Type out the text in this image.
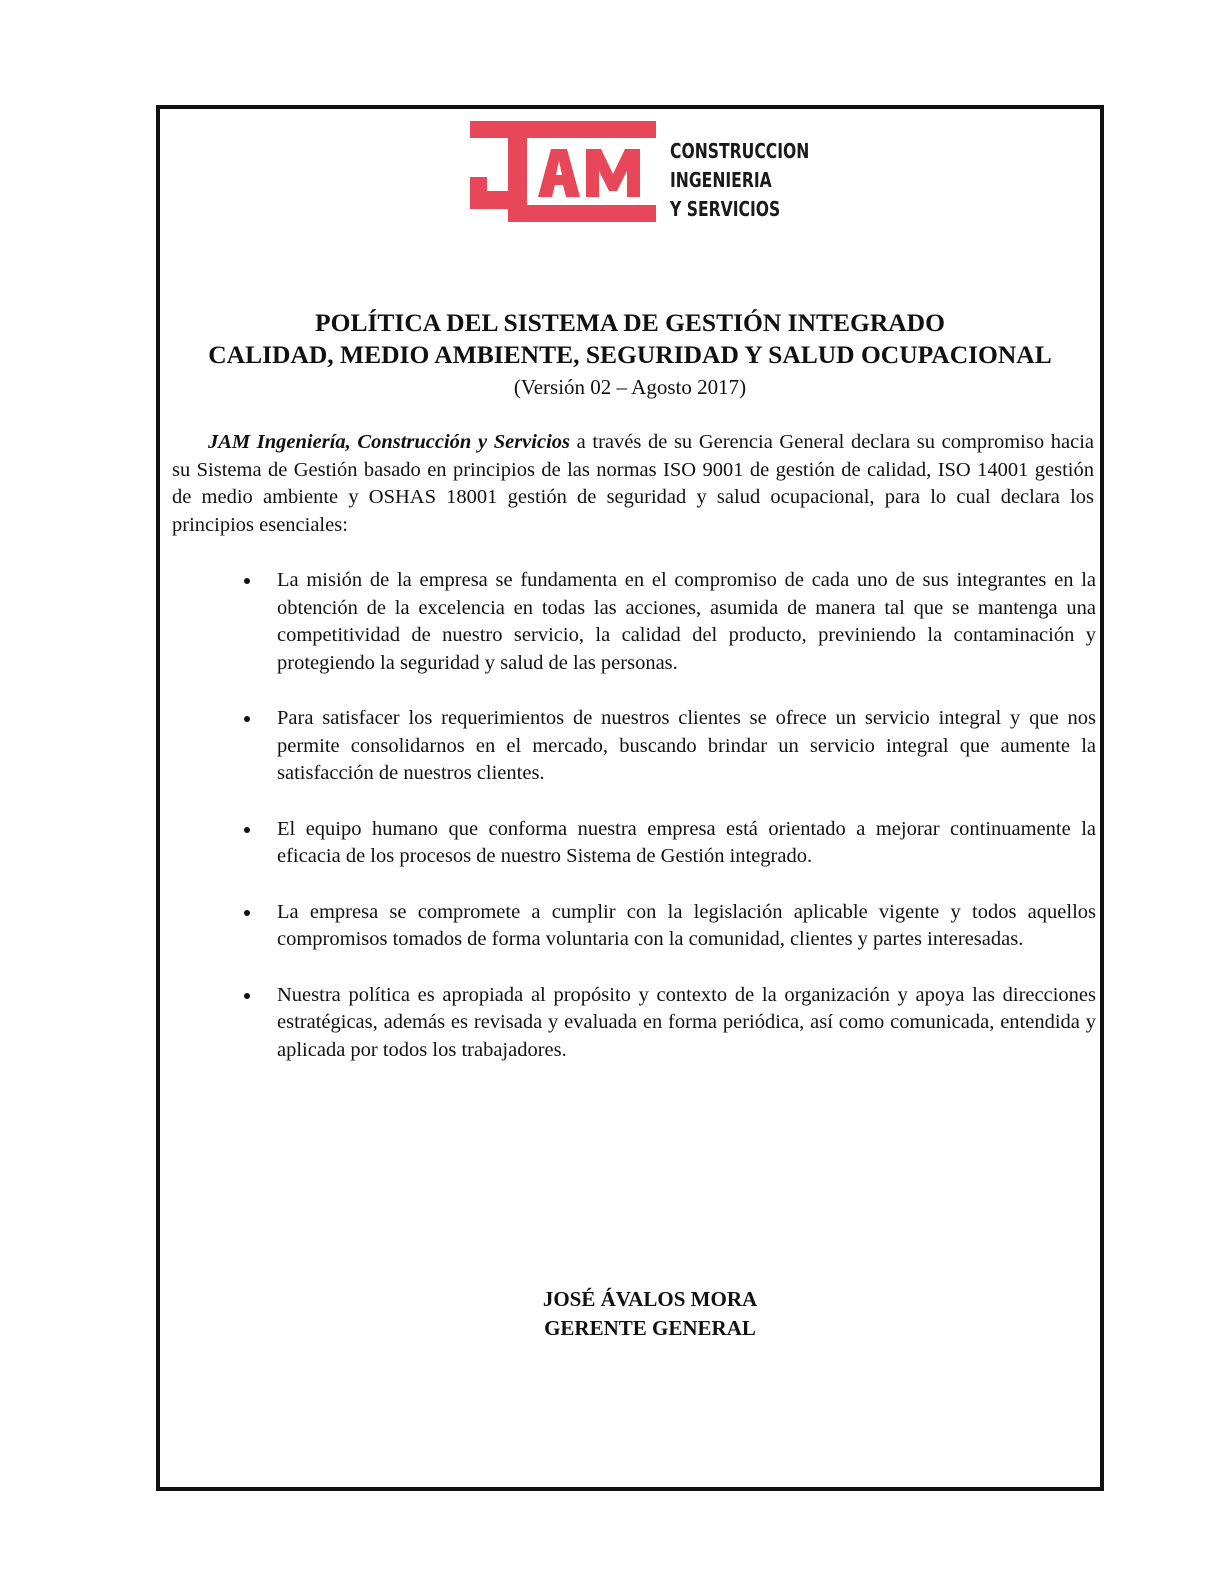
CONSTRUCCION
INGENIERIA
Y SERVICIOS
POLÍTICA DEL SISTEMA DE GESTIÓN INTEGRADO
CALIDAD, MEDIO AMBIENTE, SEGURIDAD Y SALUD OCUPACIONAL
(Versión 02 – Agosto 2017)

JAM Ingeniería, Construcción y Servicios a través de su Gerencia General declara su compromiso hacia su Sistema de Gestión basado en principios de las normas ISO 9001 de gestión de calidad, ISO 14001 gestión de medio ambiente y OSHAS 18001 gestión de seguridad y salud ocupacional, para lo cual declara los principios esenciales:

La misión de la empresa se fundamenta en el compromiso de cada uno de sus integrantes en la obtención de la excelencia en todas las acciones, asumida de manera tal que se mantenga una competitividad de nuestro servicio, la calidad del producto, previniendo la contaminación y protegiendo la seguridad y salud de las personas.
Para satisfacer los requerimientos de nuestros clientes se ofrece un servicio integral y que nos permite consolidarnos en el mercado, buscando brindar un servicio integral que aumente la satisfacción de nuestros clientes.
El equipo humano que conforma nuestra empresa está orientado a mejorar continuamente la eficacia de los procesos de nuestro Sistema de Gestión integrado.
La empresa se compromete a cumplir con la legislación aplicable vigente y todos aquellos compromisos tomados de forma voluntaria con la comunidad, clientes y partes interesadas.
Nuestra política es apropiada al propósito y contexto de la organización y apoya las direcciones estratégicas, además es revisada y evaluada en forma periódica, así como comunicada, entendida y aplicada por todos los trabajadores.
JOSÉ ÁVALOS MORA
GERENTE GENERAL
